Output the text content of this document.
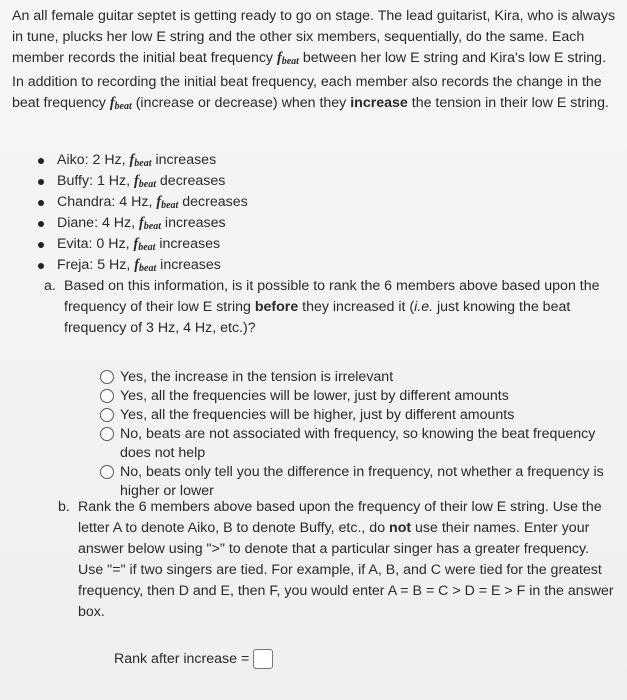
An all female guitar septet is getting ready to go on stage. The lead guitarist, Kira, who is always in tune, plucks her low E string and the other six members, sequentially, do the same. Each member records the initial beat frequency $f_{beat}$ between her low E string and Kira's low E string. In addition to recording the initial beat frequency, each member also records the change in the beat frequency $f_{beat}$ (increase or decrease) when they increase the tension in their low E string.
Aiko: 2 Hz, $f_{beat}$ increases
Buffy: 1 Hz, $f_{beat}$ decreases
Chandra: 4 Hz, $f_{beat}$ decreases
Diane: 4 Hz, $f_{beat}$ increases
Evita: 0 Hz, $f_{beat}$ increases
Freja: 5 Hz, $f_{beat}$ increases
a. Based on this information, is it possible to rank the 6 members above based upon the frequency of their low E string before they increased it (i.e. just knowing the beat frequency of 3 Hz, 4 Hz, etc.)?
Yes, the increase in the tension is irrelevant
Yes, all the frequencies will be lower, just by different amounts
Yes, all the frequencies will be higher, just by different amounts
No, beats are not associated with frequency, so knowing the beat frequency does not help
No, beats only tell you the difference in frequency, not whether a frequency is higher or lower
b. Rank the 6 members above based upon the frequency of their low E string. Use the letter A to denote Aiko, B to denote Buffy, etc., do not use their names. Enter your answer below using ">" to denote that a particular singer has a greater frequency. Use "=" if two singers are tied. For example, if A, B, and C were tied for the greatest frequency, then D and E, then F, you would enter A = B = C > D = E > F in the answer box.
Rank after increase =
